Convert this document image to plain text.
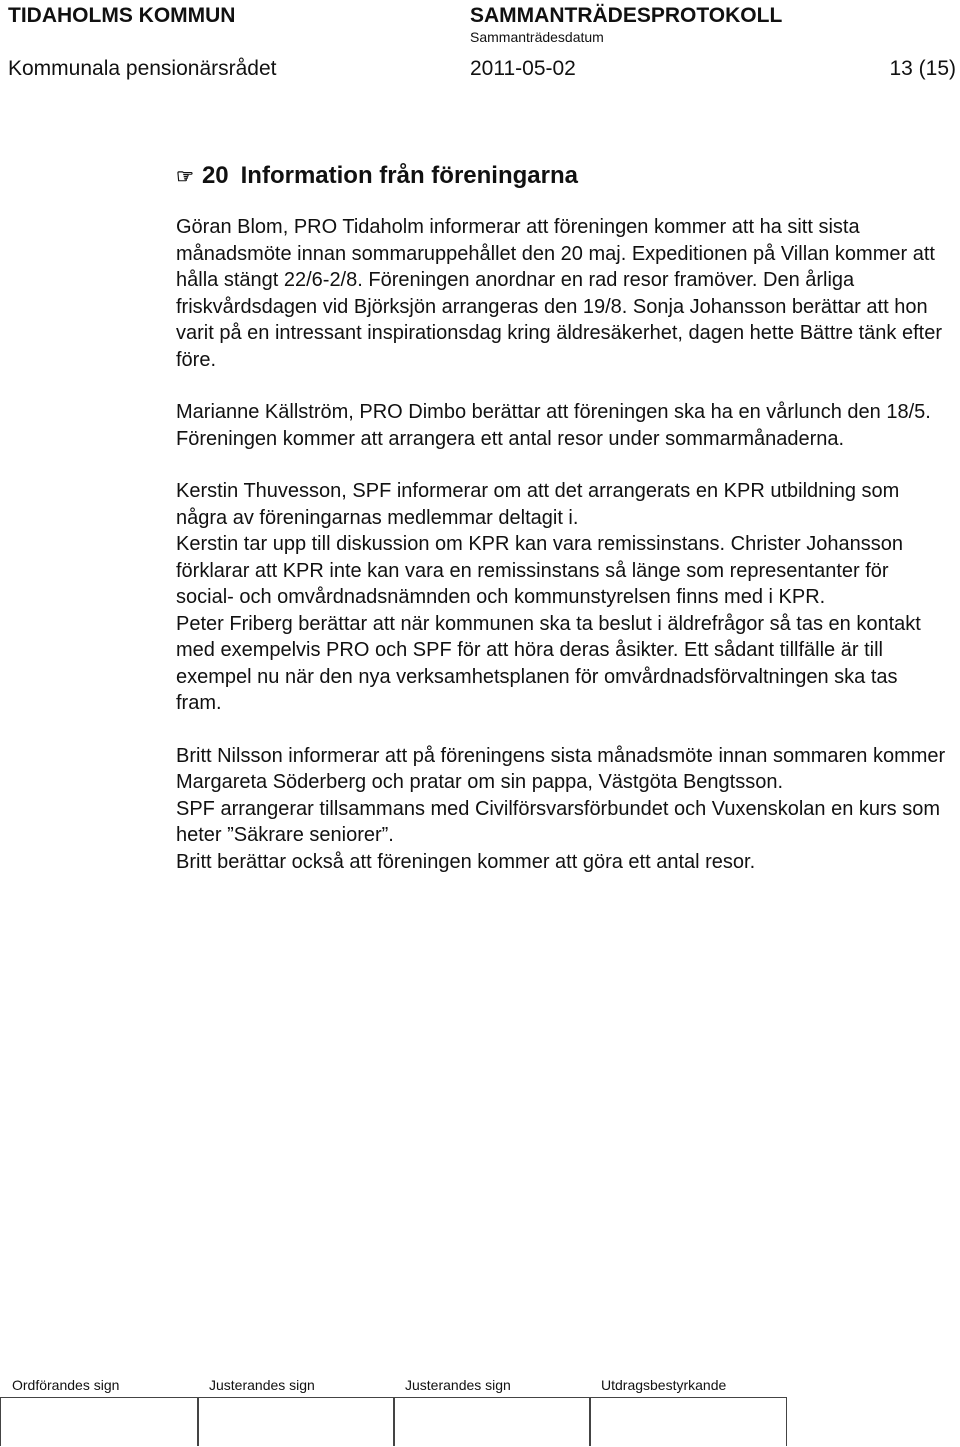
TIDAHOLMS KOMMUN	SAMMANTRÄDESPROTOKOLL
Sammanträdesdatum
Kommunala pensionärsrådet	2011-05-02	13 (15)
☞ 20 Information från föreningarna

Göran Blom, PRO Tidaholm informerar att föreningen kommer att ha sitt sista månadsmöte innan sommaruppehållet den 20 maj. Expeditionen på Villan kommer att hålla stängt 22/6-2/8. Föreningen anordnar en rad resor framöver. Den årliga friskvårdsdagen vid Björksjön arrangeras den 19/8. Sonja Johansson berättar att hon varit på en intressant inspirationsdag kring äldresäkerhet, dagen hette Bättre tänk efter före.

Marianne Källström, PRO Dimbo berättar att föreningen ska ha en vårlunch den 18/5. Föreningen kommer att arrangera ett antal resor under sommarmånaderna.

Kerstin Thuvesson, SPF informerar om att det arrangerats en KPR utbildning som några av föreningarnas medlemmar deltagit i.
Kerstin tar upp till diskussion om KPR kan vara remissinstans. Christer Johansson förklarar att KPR inte kan vara en remissinstans så länge som representanter för social- och omvårdnadsnämnden och kommunstyrelsen finns med i KPR.
Peter Friberg berättar att när kommunen ska ta beslut i äldrefrågor så tas en kontakt med exempelvis PRO och SPF för att höra deras åsikter. Ett sådant tillfälle är till exempel nu när den nya verksamhetsplanen för omvårdnadsförvaltningen ska tas fram.

Britt Nilsson informerar att på föreningens sista månadsmöte innan sommaren kommer Margareta Söderberg och pratar om sin pappa, Västgöta Bengtsson.
SPF arrangerar tillsammans med Civilförsvarsförbundet och Vuxenskolan en kurs som heter ”Säkrare seniorer”.
Britt berättar också att föreningen kommer att göra ett antal resor.

Ordförandes sign	Justerandes sign	Justerandes sign	Utdragsbestyrkande
